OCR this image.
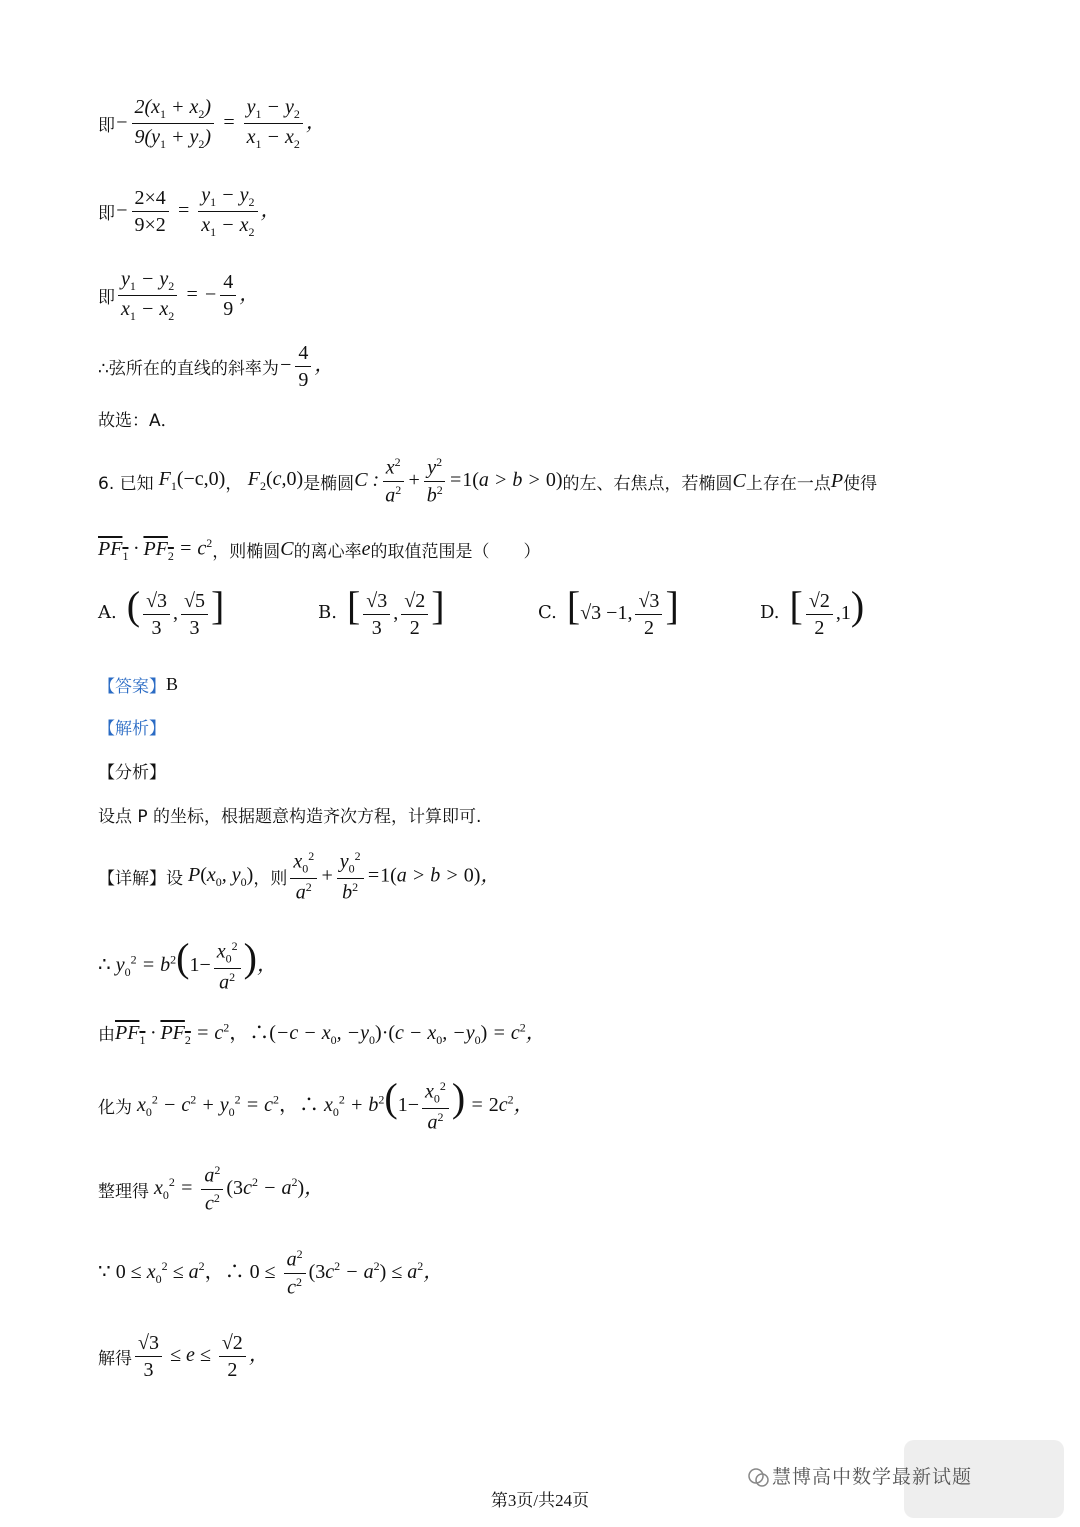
即 − $\frac{2(x_1 + x_2)}{9(y_1 + y_2)} = \frac{y_1 - y_2}{x_1 - x_2}$ ，
即 − $\frac{2\times 4}{9\times 2} = \frac{y_1 - y_2}{x_1 - x_2}$ ，
即 $\frac{y_1 - y_2}{x_1 - x_2}$ = − $\frac{4}{9}$ ，
∴弦所在的直线的斜率为 − $\frac{4}{9}$ ，
故选：A．
6. 已知 $F_1(-c,0)$ ， $F_2(c,0)$ 是椭圆 C : $\frac{x^2}{a^2} + \frac{y^2}{b^2} =1(a > b > 0)$ 的左、右焦点，若椭圆 C 上存在一点 P 使得
$PF_1 \cdot PF_2 = c^2$ ，则椭圆 C 的离心率 e 的取值范围是（　　）
A. ( $\frac{√3}{3}$ , $\frac{√5}{3}$ ]	B. [ $\frac{√3}{3}$ , $\frac{√2}{2}$ ]	C. [√3 −1, $\frac{√3}{2}$ ]	D. [ $\frac{√2}{2} ,1$)
【答案】 B
【解析】
【分析】
设点 P 的坐标，根据题意构造齐次方程，计算即可.
【详解】 设 $P(x_0$, $y_0$) ，则 $\frac{x_0^2}{a^2} + \frac{y_0^2}{b^2} =1(a > b > 0)$，
∴ $y_0^2 = b^2(1- \frac{x_0^2}{a^2}$ )，
由 $PF_1 \cdot PF_2 = c^2$，∴(−c − $x_0$, $-y_0)\cdot(c - x_0$, $-y_0) = c^2$，
化为 $x_0^2 - c^2 + y_0^2 = c^2$，∴ $x_0^2 + b^2(1- \frac{x_0^2}{a^2}$ ) = $2c^2$，
整理得 $x_0^2 = \frac{a^2}{c^2} (3c^2 - a^2)$，
∵ $0 \le x_0^2 \le a^2$，∴ $0 \le \frac{a^2}{c^2} (3c^2 - a^2) \le a^2$，
解得 $\frac{√3}{3} \le e \le \frac{√2}{2}$ ，
慧博高中数学最新试题
第3页/共24页
